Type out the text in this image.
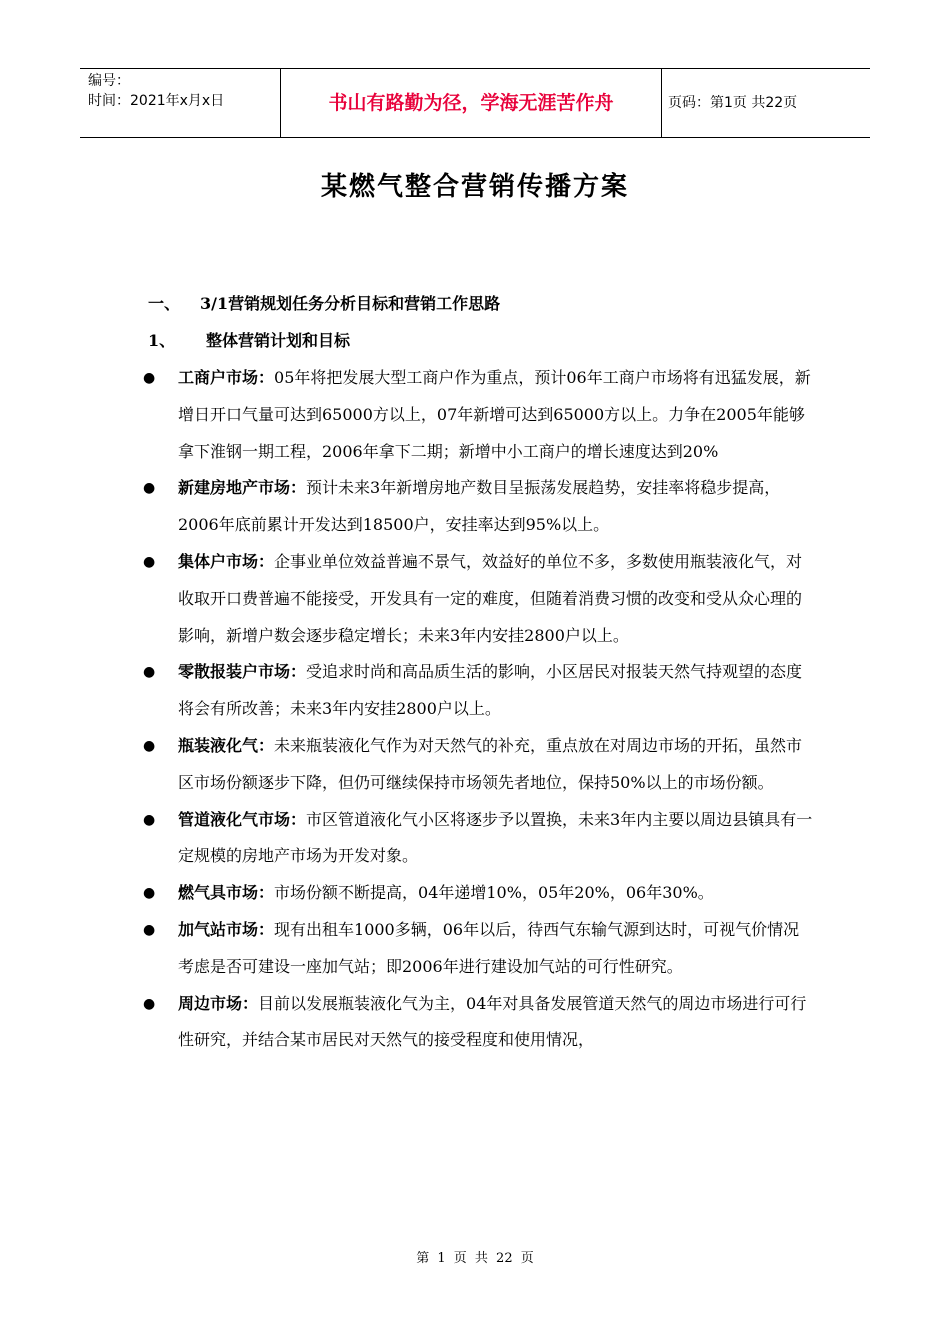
编号：
时间：2021年x月x日	书山有路勤为径，学海无涯苦作舟	页码：第1页 共22页
某燃气整合营销传播方案
一、 3/1营销规划任务分析目标和营销工作思路
1、 整体营销计划和目标
● 工商户市场：05年将把发展大型工商户作为重点，预计06年工商户市场将有迅猛发展，新增日开口气量可达到65000方以上，07年新增可达到65000方以上。力争在2005年能够拿下淮钢一期工程，2006年拿下二期；新增中小工商户的增长速度达到20%
● 新建房地产市场：预计未来3年新增房地产数目呈振荡发展趋势，安挂率将稳步提高，2006年底前累计开发达到18500户，安挂率达到95%以上。
● 集体户市场：企事业单位效益普遍不景气，效益好的单位不多，多数使用瓶装液化气，对收取开口费普遍不能接受，开发具有一定的难度，但随着消费习惯的改变和受从众心理的影响，新增户数会逐步稳定增长；未来3年内安挂2800户以上。
● 零散报装户市场：受追求时尚和高品质生活的影响，小区居民对报装天然气持观望的态度将会有所改善；未来3年内安挂2800户以上。
● 瓶装液化气：未来瓶装液化气作为对天然气的补充，重点放在对周边市场的开拓，虽然市区市场份额逐步下降，但仍可继续保持市场领先者地位，保持50%以上的市场份额。
● 管道液化气市场：市区管道液化气小区将逐步予以置换，未来3年内主要以周边县镇具有一定规模的房地产市场为开发对象。
● 燃气具市场：市场份额不断提高，04年递增10%，05年20%，06年30%。
● 加气站市场：现有出租车1000多辆，06年以后，待西气东输气源到达时，可视气价情况考虑是否可建设一座加气站；即2006年进行建设加气站的可行性研究。
● 周边市场：目前以发展瓶装液化气为主，04年对具备发展管道天然气的周边市场进行可行性研究，并结合某市居民对天然气的接受程度和使用情况，
第 1 页 共 22 页
